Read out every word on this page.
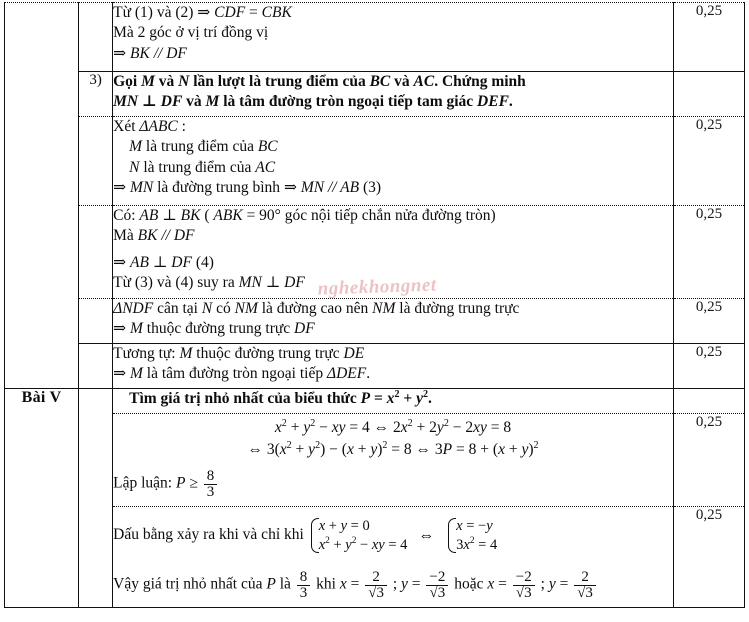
nghekhongnet

		Từ (1) và (2) ⇒ CDF = CBK
Mà 2 góc ở vị trí đồng vị
⇒ BK // DF	0,25
	3)	Gọi M và N lần lượt là trung điểm của BC và AC. Chứng minh
MN ⊥ DF và M là tâm đường tròn ngoại tiếp tam giác DEF.	

		Xét ΔABC :
M là trung điểm của BC
N là trung điểm của AC
⇒ MN là đường trung bình ⇒ MN // AB (3)	0,25

		Có: AB ⊥ BK ( ABK = 90° góc nội tiếp chắn nửa đường tròn)
Mà BK // DF
⇒ AB ⊥ DF (4)
Từ (3) và (4) suy ra MN ⊥ DF	0,25

		ΔNDF cân tại N có NM là đường cao nên NM là đường trung trực
⇒ M thuộc đường trung trực DF	0,25

		Tương tự: M thuộc đường trung trực DE
⇒ M là tâm đường tròn ngoại tiếp ΔDEF.	0,25
Bài V		Tìm giá trị nhỏ nhất của biểu thức $P = x^2 + y^2$.	

		$x^2 + y^2$ − xy = 4 ⇔ $2x^2 + 2y^2 - 2xy = 8$
⇔ $3(x^2 + y^2) - (x + y)^2 = 8$ ⇔ $3P = 8 + (x + y)^2$
Lập luận: $P \ge \frac{8}{3}$	0,25

Dấu bằng xảy ra khi và chỉ khi
x + y = 0
$x^2 + y^2$ − xy = 4
⇔
x = −y
$3x^2 = 4$
Vậy giá trị nhỏ nhất của P là $\frac{8}{3}$ khi $x = \frac{2}{√3}$ ; $y = \frac{-2}{√3}$ hoặc $x = \frac{-2}{√3}$ ; $y = \frac{2}{√3}$
	0,25
